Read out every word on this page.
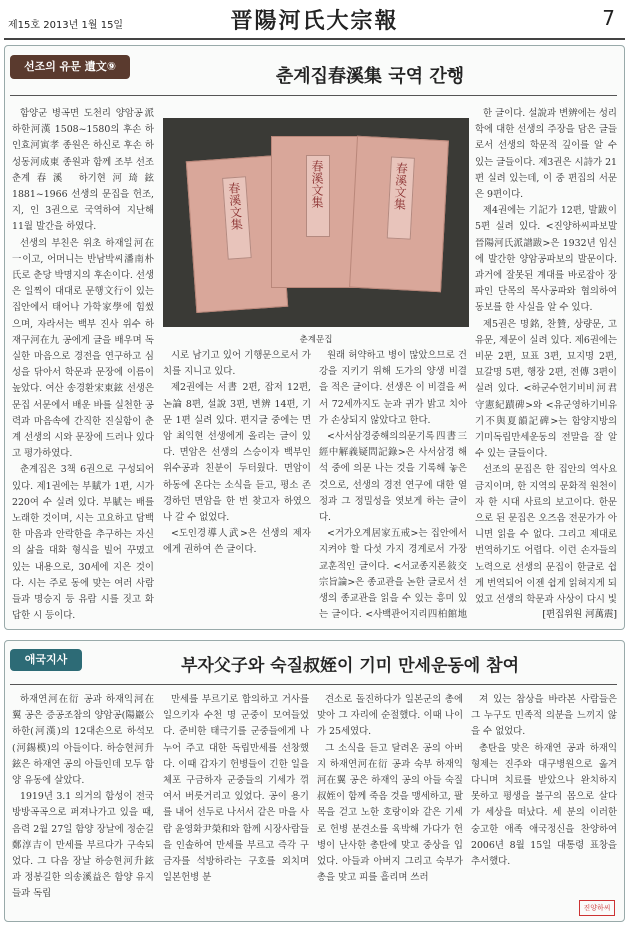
제15호 2013년 1월 15일	晋陽河氏大宗報	7
선조의 유문 遺文⑨	춘계집春溪集 국역 간행
春溪文集	春溪文集	春溪文集
춘계문집

함양군 병곡면 도천리 양암공派 하한河漢 1508~1580의 후손 하인효河寅孝 종원은 하신로 후손 하성동河成東 종원과 함께 조부 선조 춘계春溪 하기현河琦鉉 1881~1966 선생의 문집을 헌조, 지, 인 3권으로 국역하여 지난해 11월 발간을 하였다.

선생의 부친은 위초 하재일河在一이고, 어머니는 반남박씨潘南朴氏로 춘당 박명지의 후손이다. 선생은 일찍이 대대로 문행文行이 있는 집안에서 태어나 가학家學에 힘썼으며, 자라서는 백부 진사 위수 하재구河在九 공에게 글을 배우며 독실한 마음으로 경전을 연구하고 심성을 닦아서 학문과 문장에 이름이 높았다. 여산 송경환宋東鉉 선생은 문집 서문에서 배운 바를 실천한 공력과 마음속에 간직한 진실함이 춘계 선생의 시와 문장에 드러나 있다고 평가하였다.

춘계집은 3책 6권으로 구성되어 있다. 제1권에는 부賦가 1편, 시가 220여 수 실려 있다. 부賦는 배를 노래한 것이며, 시는 고요하고 담백한 마음과 안락한을 추구하는 자신의 삶을 대화 형식을 빌어 꾸몄고 있는 내용으로, 30세에 지은 것이다. 시는 주로 동에 맞는 여러 사람들과 명승지 등 유람 시를 짓고 화답한 시 등이다.

시로 남기고 있어 기행문으로서 가치를 지니고 있다.

제2권에는 서書 2편, 잡저 12편, 논論 8편, 설說 3편, 변辨 14편, 기문 1편 실려 있다. 편지글 중에는 면암 최익현 선생에게 올리는 글이 있다. 면암은 선생의 스승이자 백부인 위수공과 친분이 두터웠다. 면암이 하동에 온다는 소식을 듣고, 평소 존경하던 면암을 한 번 찾고자 하였으나 갈 수 없었다.

<도인경導人武>은 선생의 제자에게 권하여 쓴 글이다.

원래 허약하고 병이 많았으므로 건강을 지키기 위해 도가의 양생 비결을 적은 글이다. 선생은 이 비결을 써서 72세까지도 눈과 귀가 밝고 치아가 손상되지 않았다고 한다.

<사서삼경중해의의문기록四書三經中解義疑問記錄>은 사서삼경 해석 중에 의문 나는 것을 기록해 놓은 것으로, 선생의 경전 연구에 대한 열정과 그 정밀성을 엿보게 하는 글이다.

<거가오계居家五戒>는 집안에서 지켜야 할 다섯 가지 경계로서 가장 교훈적인 글이다. <서교종지론敍交宗旨論>은 종교관을 논한 글로서 선생의 종교관을 읽을 수 있는 흥미 있는 글이다. <사백관어지리四柏館地

한 글이다. 설說과 변辨에는 성리학에 대한 선생의 주장을 담은 글들로서 선생의 학문적 깊이를 알 수 있는 글들이다. 제3권은 시詩가 21편 실려 있는데, 이 중 편집의 서문은 9편이다.

제4권에는 기記가 12편, 발跋이 5편 실려 있다. <진양하씨파보발晉陽河氏派譜跋>은 1932년 임신에 발간한 양암공파보의 발문이다. 과거에 잘못된 계대를 바로잡아 장파인 단목의 목사공파와 협의하여 동보를 한 사실을 알 수 있다.

제5권은 명銘, 찬贊, 상량문, 고유문, 제문이 실려 있다. 제6권에는 비문 2편, 묘표 3편, 묘지명 2편, 묘갈명 5편, 행장 2편, 전傳 3편이 실려 있다. <하군수헌기비비河君守憲紀蹟碑>와 <유군영하기비유기不與夏韻記碑>는 함양지방의 기미독립만세운동의 전말을 잘 알 수 있는 글들이다.

선조의 문집은 한 집안의 역사요 금지이며, 한 지역의 문화적 원천이자 한 시대 사료의 보고이다. 한문으로 된 문집은 오즈음 전문가가 아니면 읽을 수 없다. 그리고 제대로 번역하기도 어렵다. 이런 손자들의 노력으로 선생의 문집이 한글로 쉽게 번역되어 이젠 쉽게 읽혀지게 되었고 선생의 학문과 사상이 다시 빛

[편집위원 河萬震]
애국지사	부자父子와 숙질叔姪이 기미 만세운동에 참여

하재연河在衍 공과 하재익河在翼 공은 증공조참의 양암공(陽巖公 하한(河漢)의 12대손으로 하석모(河錫模)의 아들이다. 하승현河升鉉은 하재연 공의 아들인데 모두 함양 유동에 살았다.

1919년 3.1 의거의 함성이 전국 방방곡곡으로 퍼져나가고 있을 때, 음력 2월 27일 함양 장날에 정순길鄭淳吉이 만세를 부르다가 구속되었다. 그 다음 장날 하승현河升鉉과 정봉길한 의송溪益은 함양 유지들과 독립

만세를 부르기로 합의하고 거사를 일으키자 수천 명 군중이 모여들었다. 준비한 태극기를 군중들에게 나누어 주고 대한 독립만세를 선창했다. 이때 갑자기 헌병들이 긴한 일을 체포 구금하자 군중들의 기세가 꺾여서 버릇거리고 있었다. 공이 용기를 내어 선두로 나서서 같은 마을 사람 윤영화尹榮和와 함께 시장사람들을 인솔하여 만세를 부르고 즉각 구금자를 석방하라는 구호를 외치며 일본헌병 분

견소로 돌진하다가 일본군의 총에 맞아 그 자리에 순절했다. 이때 나이가 25세였다.

그 소식을 듣고 달려온 공의 아버지 하재연河在衍 공과 숙부 하재익河在翼 공은 하재익 공의 아들 숙질叔姪이 함께 죽음 것을 맹세하고, 팔목을 걷고 노한 호랑이와 같은 기세로 헌병 분견소를 육박해 가다가 헌병이 난사한 총탄에 맞고 중상을 입었다. 아들과 아버지 그리고 숙부가 총을 맞고 피를 흘리며 쓰러

져 있는 참상을 바라본 사람들은 그 누구도 민족적 의분을 느끼지 않을 수 없었다.

총탄을 맞은 하재연 공과 하재익 형제는 진주와 대구병원으로 옮겨 다니며 치료를 받았으나 완치하지 못하고 평생을 불구의 몸으로 살다가 세상을 떠났다. 세 분의 이러한 숭고한 애족 애국정신을 찬양하여 2006년 8월 15일 대통령 표창을 추서했다.

진양하씨
